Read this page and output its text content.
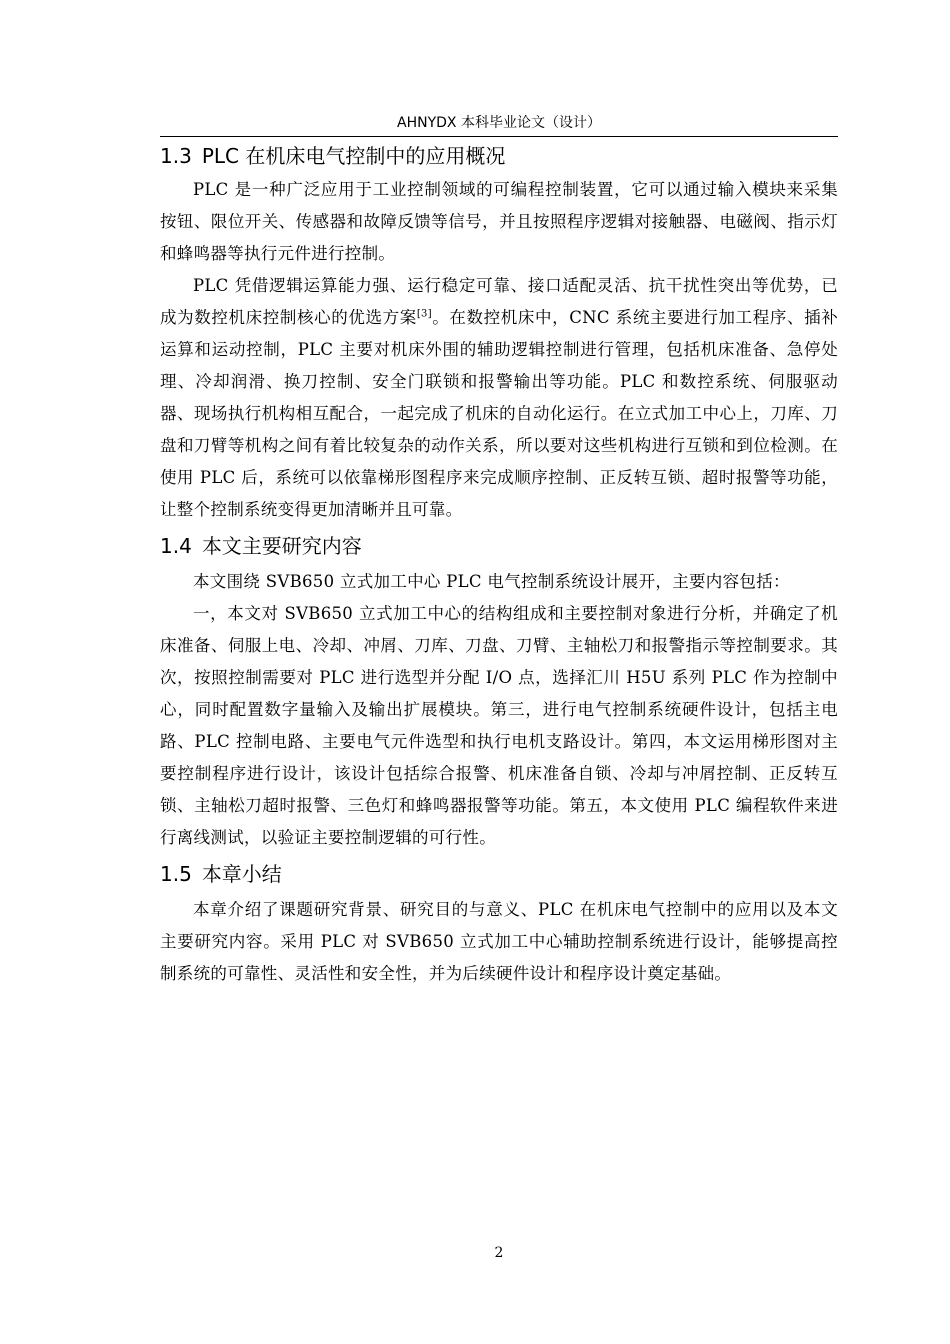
AHNYDX 本科毕业论文（设计）
1.3 PLC 在机床电气控制中的应用概况

PLC 是一种广泛应用于工业控制领域的可编程控制装置，它可以通过输入模块来采集按钮、限位开关、传感器和故障反馈等信号，并且按照程序逻辑对接触器、电磁阀、指示灯和蜂鸣器等执行元件进行控制。

PLC 凭借逻辑运算能力强、运行稳定可靠、接口适配灵活、抗干扰性突出等优势，已成为数控机床控制核心的优选方案[3]。在数控机床中，CNC 系统主要进行加工程序、插补运算和运动控制，PLC 主要对机床外围的辅助逻辑控制进行管理，包括机床准备、急停处理、冷却润滑、换刀控制、安全门联锁和报警输出等功能。PLC 和数控系统、伺服驱动器、现场执行机构相互配合，一起完成了机床的自动化运行。在立式加工中心上，刀库、刀盘和刀臂等机构之间有着比较复杂的动作关系，所以要对这些机构进行互锁和到位检测。在使用 PLC 后，系统可以依靠梯形图程序来完成顺序控制、正反转互锁、超时报警等功能，让整个控制系统变得更加清晰并且可靠。

1.4 本文主要研究内容

本文围绕 SVB650 立式加工中心 PLC 电气控制系统设计展开，主要内容包括：

一，本文对 SVB650 立式加工中心的结构组成和主要控制对象进行分析，并确定了机床准备、伺服上电、冷却、冲屑、刀库、刀盘、刀臂、主轴松刀和报警指示等控制要求。其次，按照控制需要对 PLC 进行选型并分配 I/O 点，选择汇川 H5U 系列 PLC 作为控制中心，同时配置数字量输入及输出扩展模块。第三，进行电气控制系统硬件设计，包括主电路、PLC 控制电路、主要电气元件选型和执行电机支路设计。第四，本文运用梯形图对主要控制程序进行设计，该设计包括综合报警、机床准备自锁、冷却与冲屑控制、正反转互锁、主轴松刀超时报警、三色灯和蜂鸣器报警等功能。第五，本文使用 PLC 编程软件来进行离线测试，以验证主要控制逻辑的可行性。

1.5 本章小结

本章介绍了课题研究背景、研究目的与意义、PLC 在机床电气控制中的应用以及本文主要研究内容。采用 PLC 对 SVB650 立式加工中心辅助控制系统进行设计，能够提高控制系统的可靠性、灵活性和安全性，并为后续硬件设计和程序设计奠定基础。

2
